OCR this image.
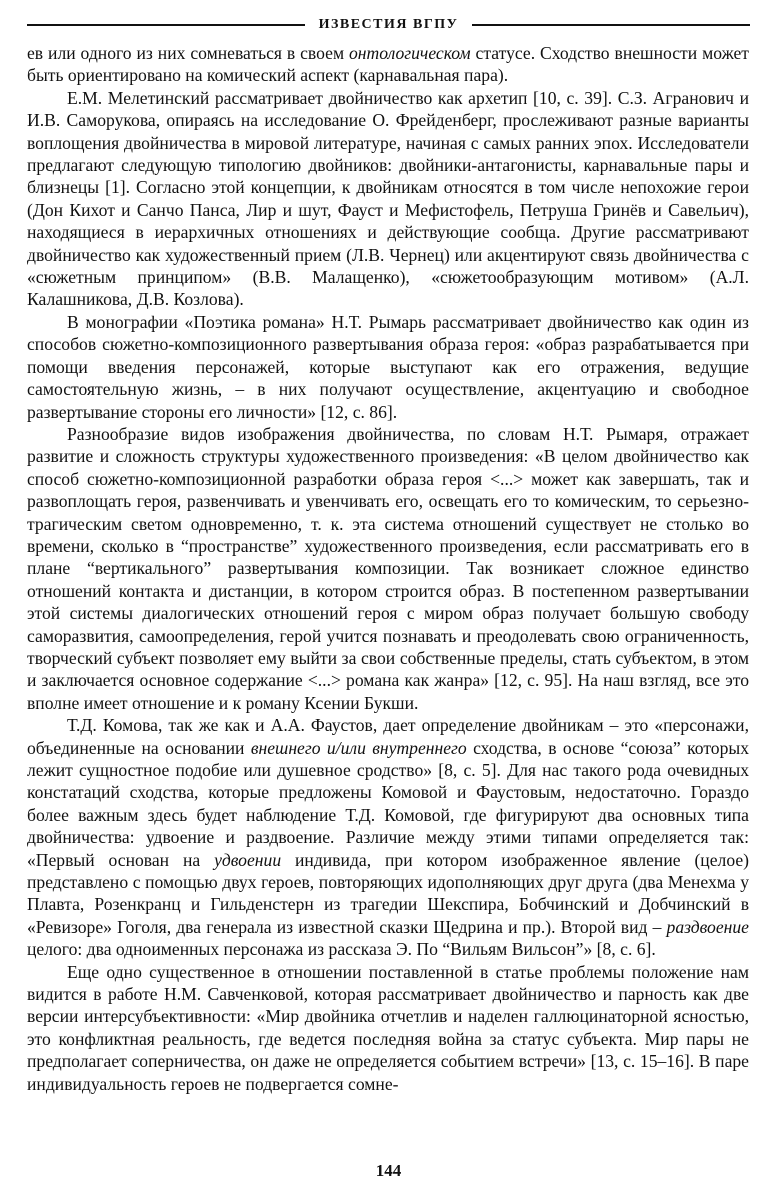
ИЗВЕСТИЯ ВГПУ

ев или одного из них сомневаться в своем онтологическом статусе. Сходство внешности может быть ориентировано на комический аспект (карнавальная пара).

Е.М. Мелетинский рассматривает двойничество как архетип [10, с. 39]. С.З. Агранович и И.В. Саморукова, опираясь на исследование О. Фрейденберг, прослеживают разные варианты воплощения двойничества в мировой литературе, начиная с самых ранних эпох. Исследователи предлагают следующую типологию двойников: двойники-антагонисты, карнавальные пары и близнецы [1]. Согласно этой концепции, к двойникам относятся в том числе непохожие герои (Дон Кихот и Санчо Панса, Лир и шут, Фауст и Мефистофель, Петруша Гринёв и Савельич), находящиеся в иерархичных отношениях и действующие сообща. Другие рассматривают двойничество как художественный прием (Л.В. Чернец) или акцентируют связь двойничества с «сюжетным принципом» (В.В. Малащенко), «сюжетообразующим мотивом» (А.Л. Калашникова, Д.В. Козлова).

В монографии «Поэтика романа» Н.Т. Рымарь рассматривает двойничество как один из способов сюжетно-композиционного развертывания образа героя: «образ разрабатывается при помощи введения персонажей, которые выступают как его отражения, ведущие самостоятельную жизнь, – в них получают осуществление, акцентуацию и свободное развертывание стороны его личности» [12, с. 86].

Разнообразие видов изображения двойничества, по словам Н.Т. Рымаря, отражает развитие и сложность структуры художественного произведения: «В целом двойничество как способ сюжетно-композиционной разработки образа героя <...> может как завершать, так и развоплощать героя, развенчивать и увенчивать его, освещать его то комическим, то серьезно-трагическим светом одновременно, т. к. эта система отношений существует не столько во времени, сколько в “пространстве” художественного произведения, если рассматривать его в плане “вертикального” развертывания композиции. Так возникает сложное единство отношений контакта и дистанции, в котором строится образ. В постепенном развертывании этой системы диалогических отношений героя с миром образ получает большую свободу саморазвития, самоопределения, герой учится познавать и преодолевать свою ограниченность, творческий субъект позволяет ему выйти за свои собственные пределы, стать субъектом, в этом и заключается основное содержание <...> романа как жанра» [12, с. 95]. На наш взгляд, все это вполне имеет отношение и к роману Ксении Букши.

Т.Д. Комова, так же как и А.А. Фаустов, дает определение двойникам – это «персонажи, объединенные на основании внешнего и/или внутреннего сходства, в основе “союза” которых лежит сущностное подобие или душевное сродство» [8, с. 5]. Для нас такого рода очевидных констатаций сходства, которые предложены Комовой и Фаустовым, недостаточно. Гораздо более важным здесь будет наблюдение Т.Д. Комовой, где фигурируют два основных типа двойничества: удвоение и раздвоение. Различие между этими типами определяется так: «Первый основан на удвоении индивида, при котором изображенное явление (целое) представлено с помощью двух героев, повторяющих идополняющих друг друга (два Менехма у Плавта, Розенкранц и Гильденстерн из трагедии Шекспира, Бобчинский и Добчинский в «Ревизоре» Гоголя, два генерала из известной сказки Щедрина и пр.). Второй вид – раздвоение целого: два одноименных персонажа из рассказа Э. По “Вильям Вильсон”» [8, с. 6].

Еще одно существенное в отношении поставленной в статье проблемы положение нам видится в работе Н.М. Савченковой, которая рассматривает двойничество и парность как две версии интерсубъективности: «Мир двойника отчетлив и наделен галлюцинаторной ясностью, это конфликтная реальность, где ведется последняя война за статус субъекта. Мир пары не предполагает соперничества, он даже не определяется событием встречи» [13, с. 15–16]. В паре индивидуальность героев не подвергается сомне-

144
